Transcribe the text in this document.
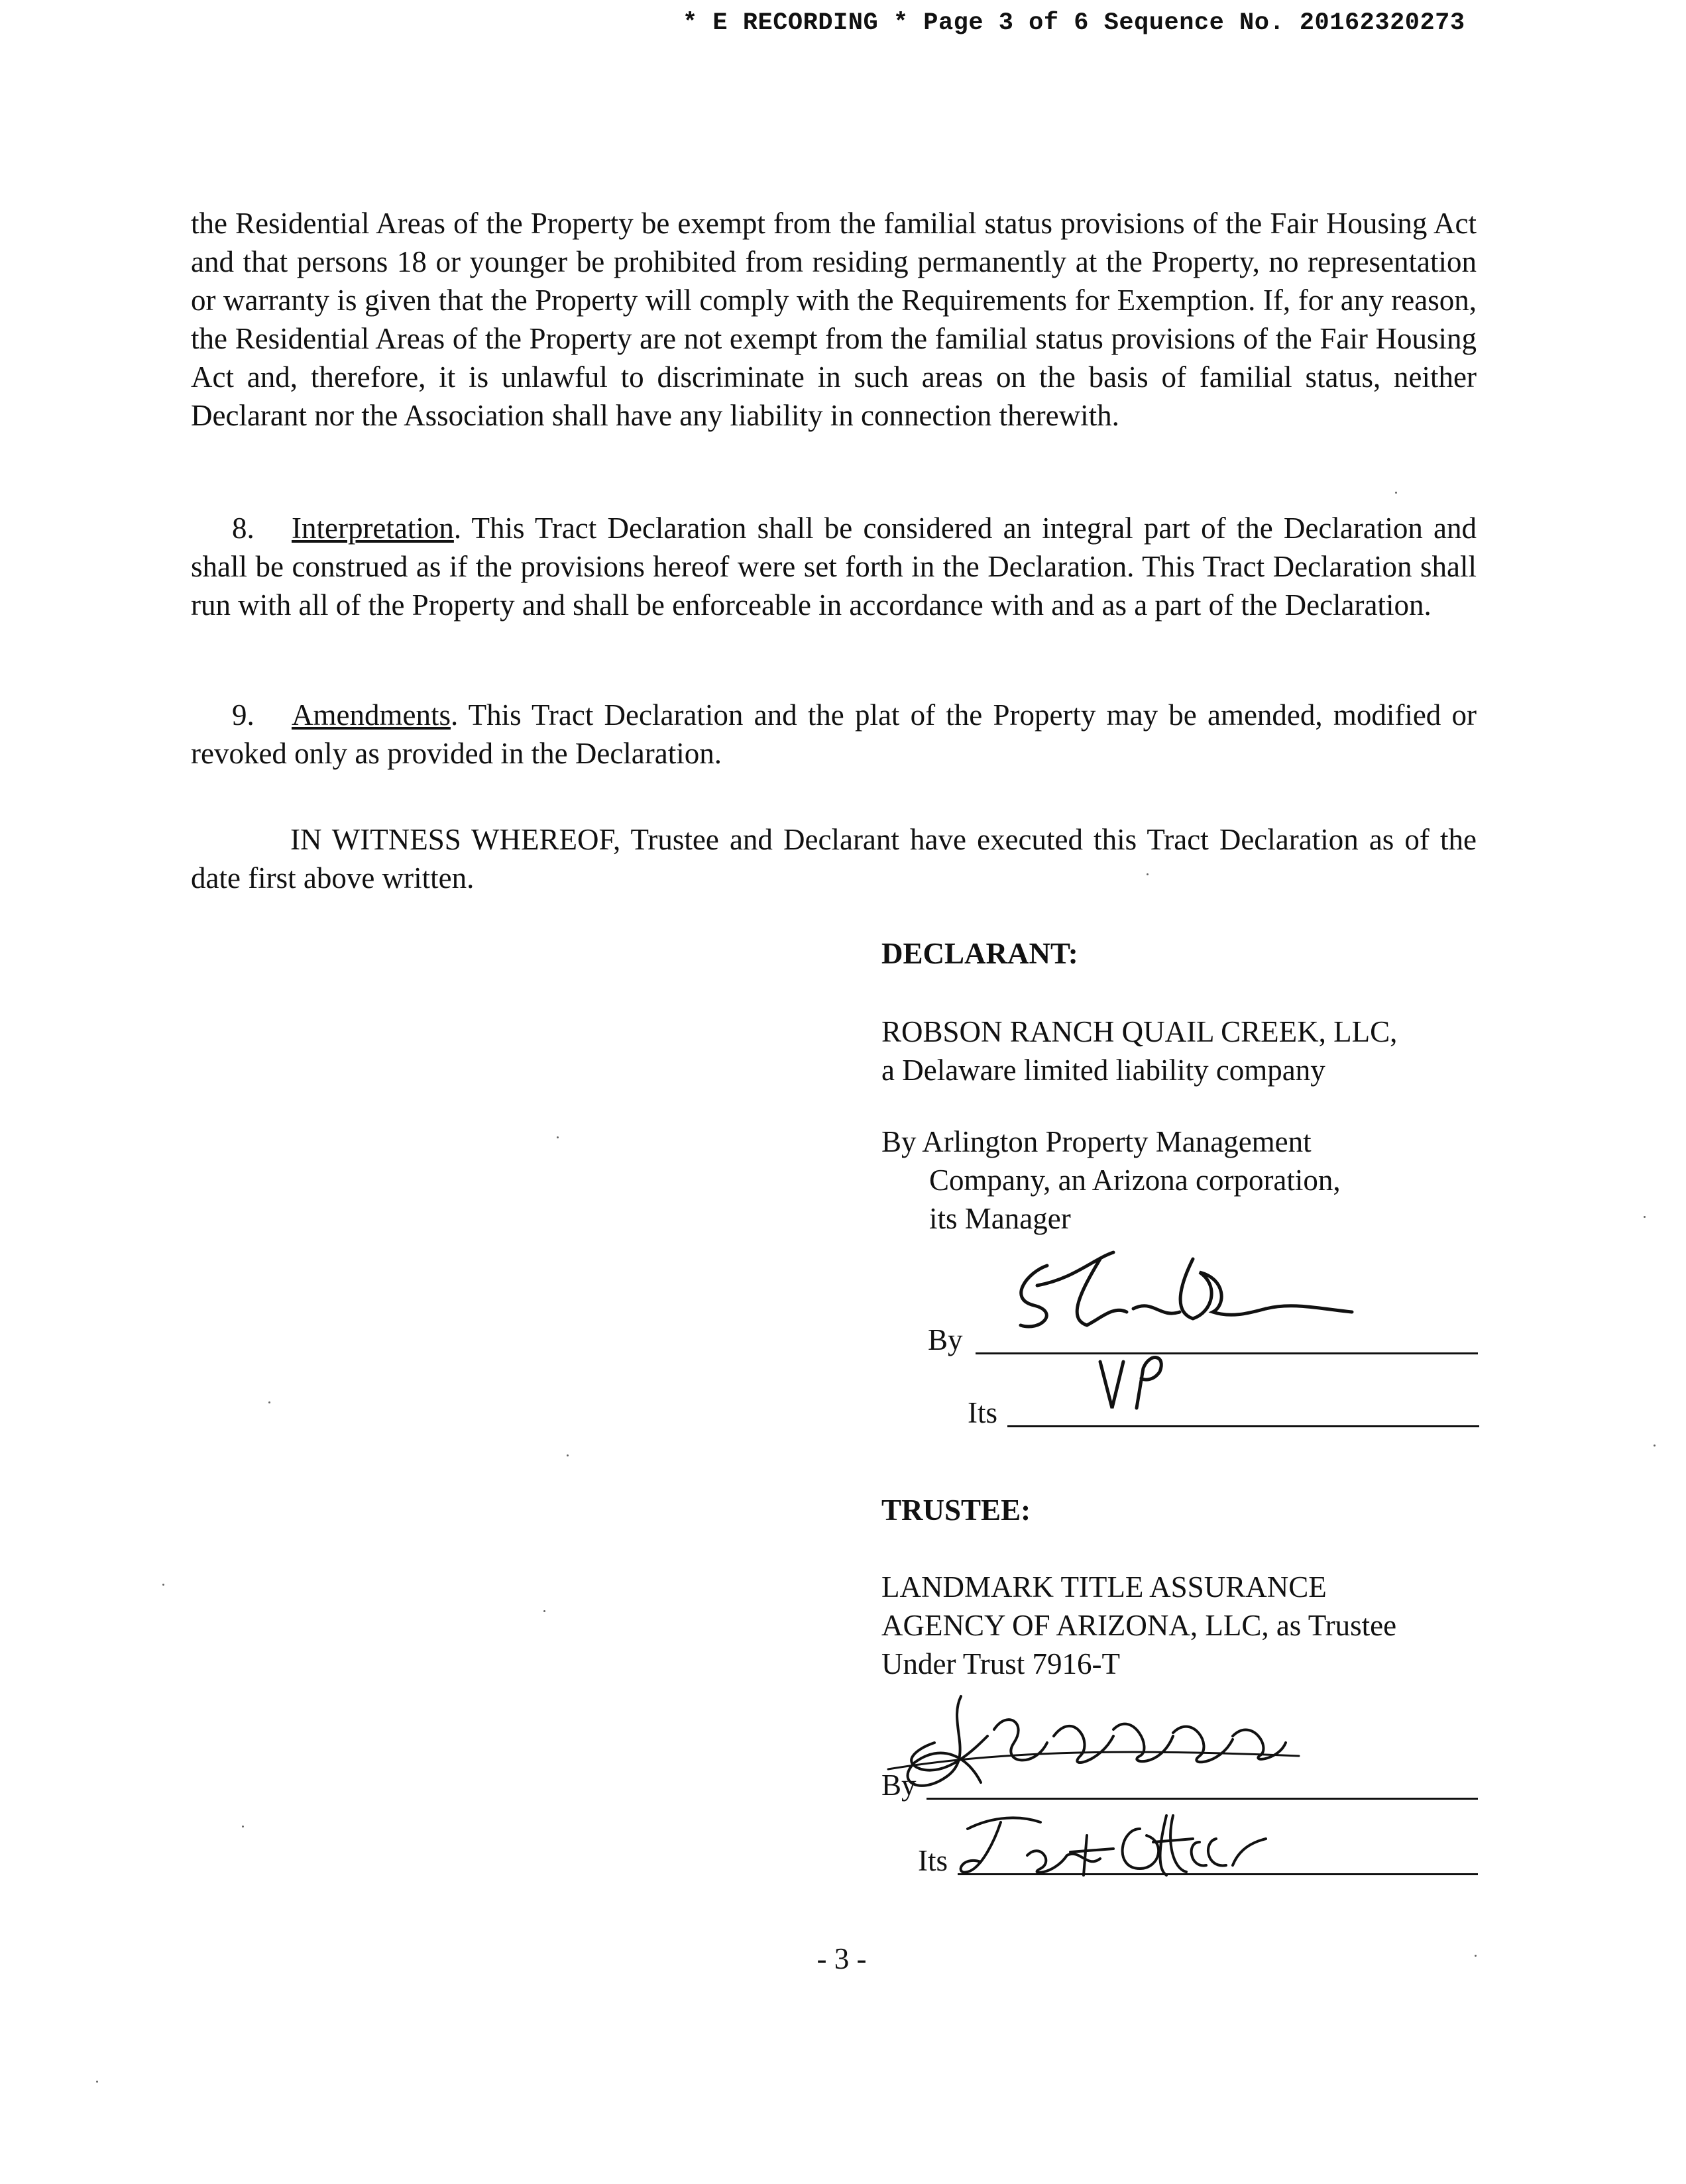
* E RECORDING * Page 3 of 6 Sequence No. 20162320273
the Residential Areas of the Property be exempt from the familial status provisions of the Fair Housing Act and that persons 18 or younger be prohibited from residing permanently at the Property, no representation or warranty is given that the Property will comply with the Requirements for Exemption. If, for any reason, the Residential Areas of the Property are not exempt from the familial status provisions of the Fair Housing Act and, therefore, it is unlawful to discriminate in such areas on the basis of familial status, neither Declarant nor the Association shall have any liability in connection therewith.
8. Interpretation. This Tract Declaration shall be considered an integral part of the Declaration and shall be construed as if the provisions hereof were set forth in the Declaration. This Tract Declaration shall run with all of the Property and shall be enforceable in accordance with and as a part of the Declaration.
9. Amendments. This Tract Declaration and the plat of the Property may be amended, modified or revoked only as provided in the Declaration.
IN WITNESS WHEREOF, Trustee and Declarant have executed this Tract Declaration as of the date first above written.
DECLARANT:
ROBSON RANCH QUAIL CREEK, LLC,
a Delaware limited liability company
By Arlington Property Management
Company, an Arizona corporation,
its Manager
By
Its
TRUSTEE:
LANDMARK TITLE ASSURANCE
AGENCY OF ARIZONA, LLC, as Trustee
Under Trust 7916-T
By
Its
- 3 -
